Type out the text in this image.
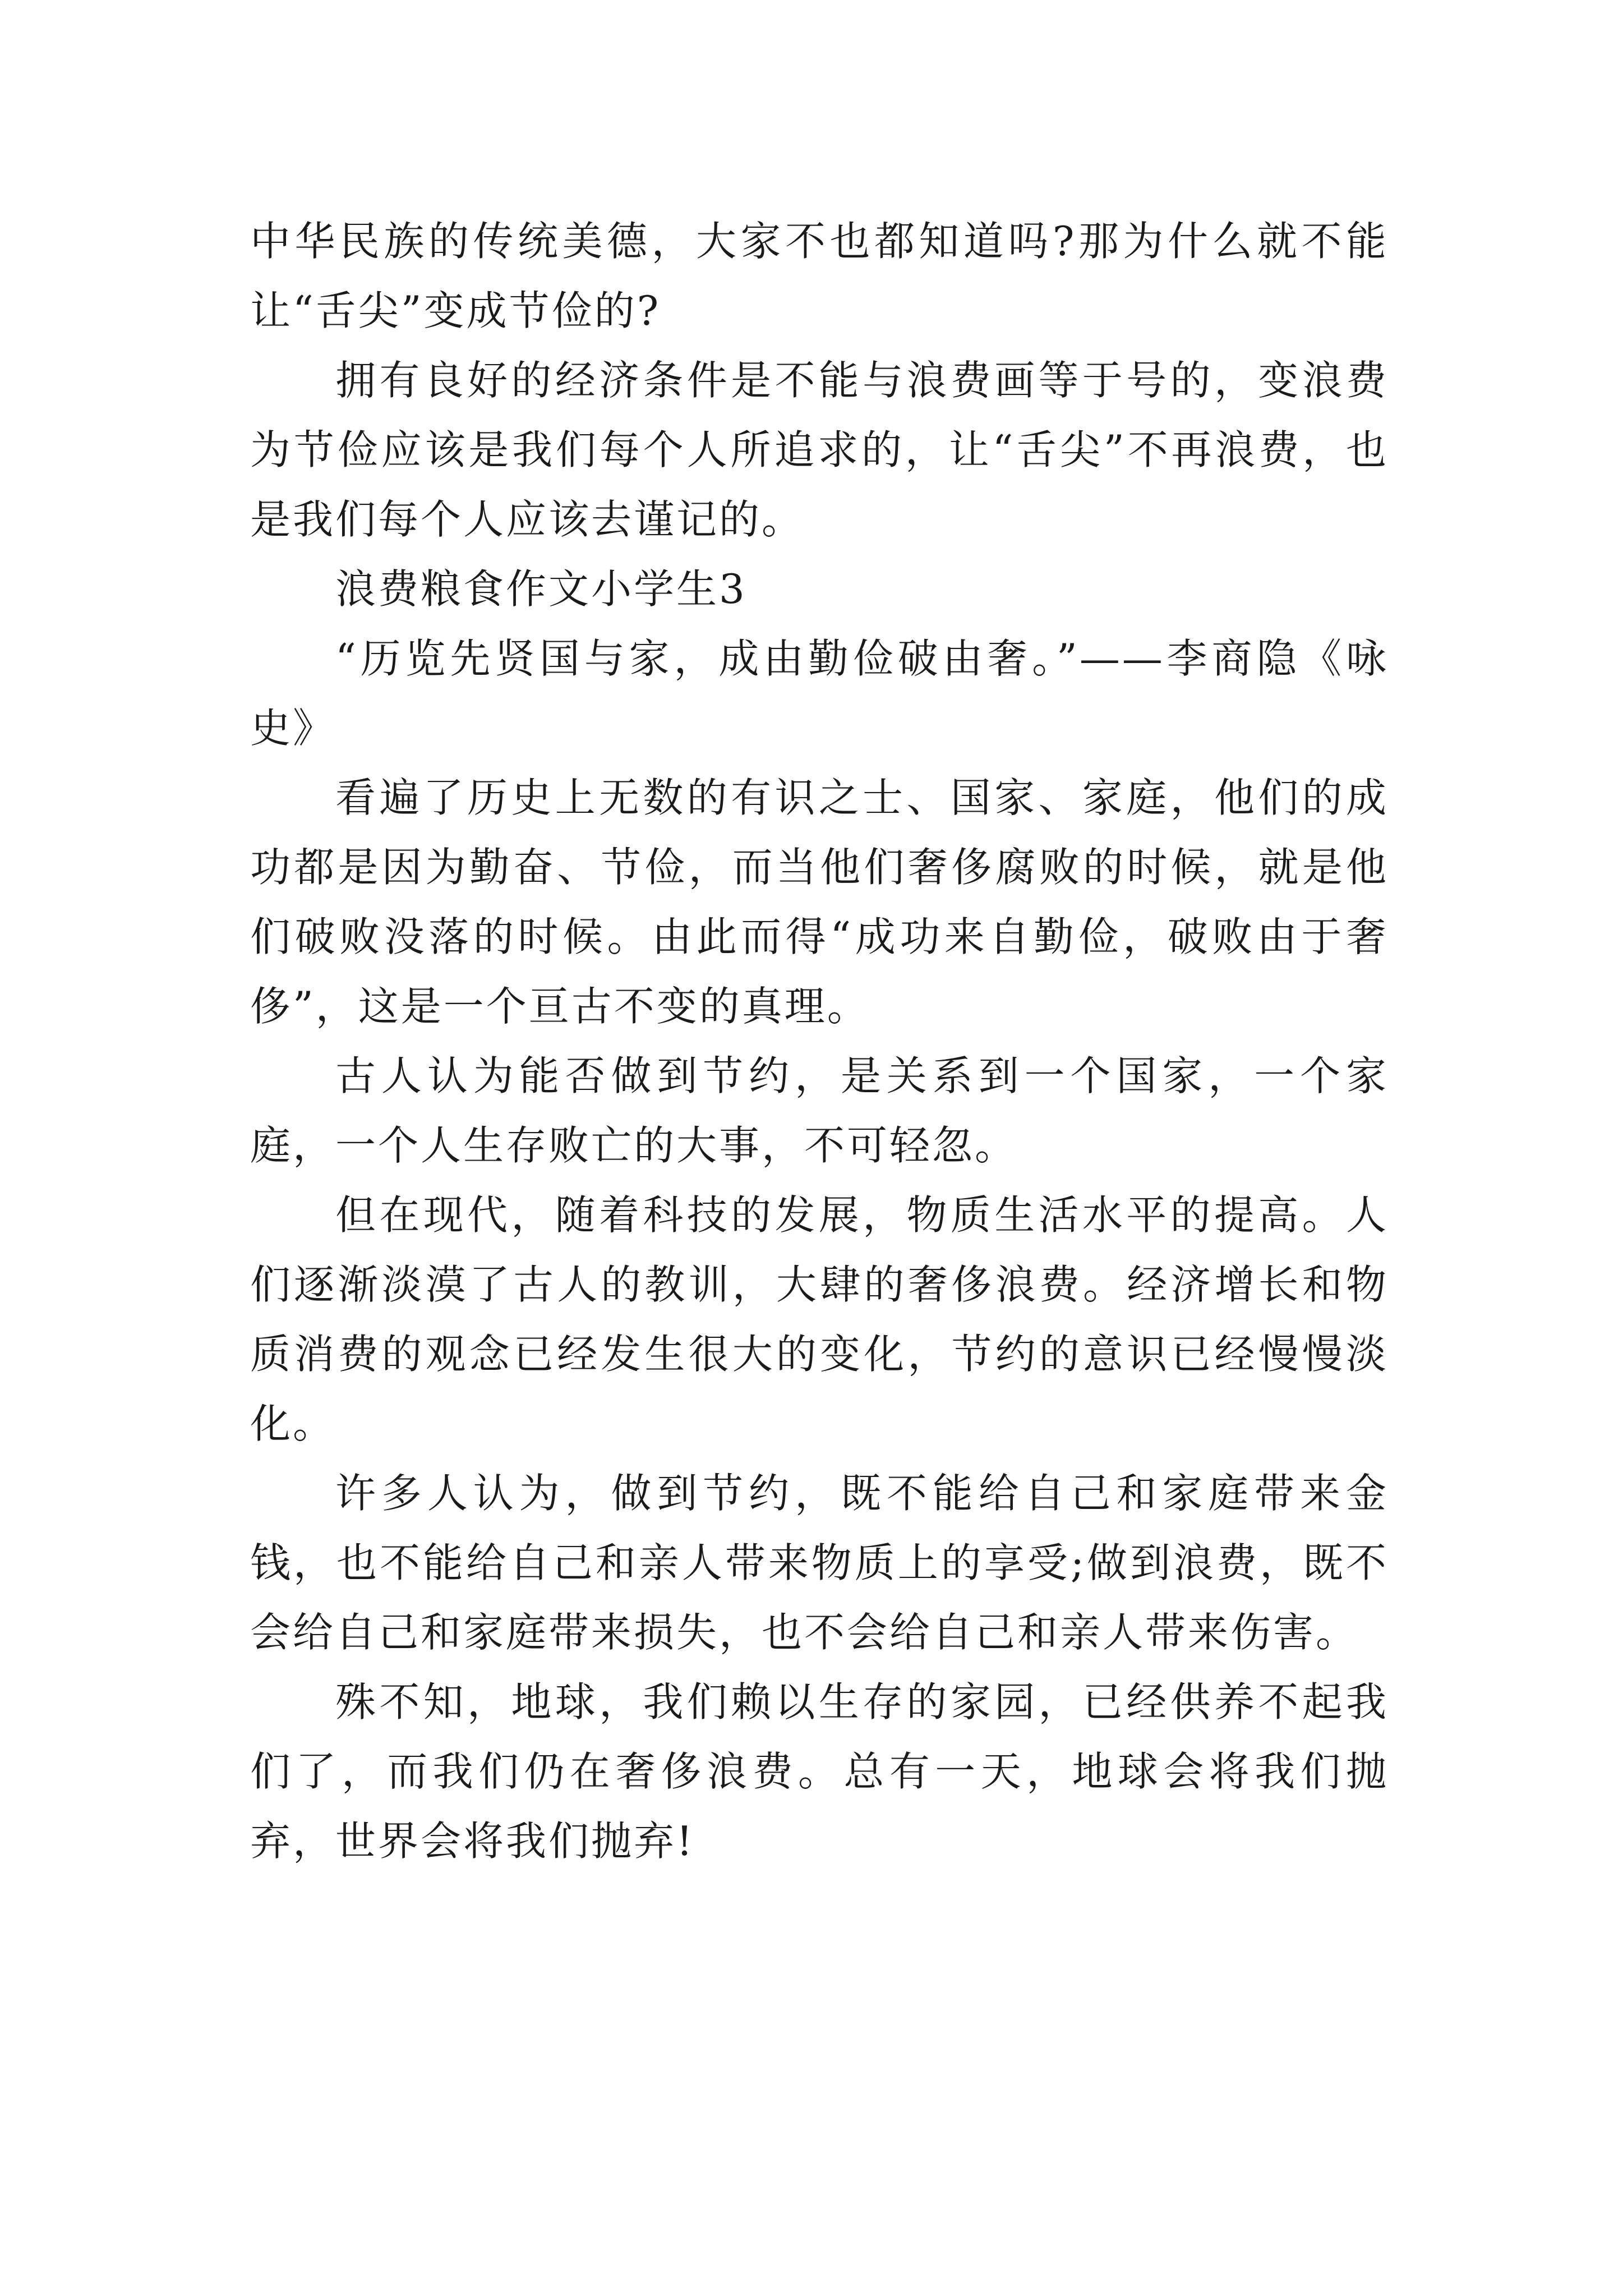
中华民族的传统美德，大家不也都知道吗?那为什么就不能让“舌尖”变成节俭的?

拥有良好的经济条件是不能与浪费画等于号的，变浪费为节俭应该是我们每个人所追求的，让“舌尖”不再浪费，也是我们每个人应该去谨记的。

浪费粮食作文小学生3

“历览先贤国与家，成由勤俭破由奢。”——李商隐《咏史》

看遍了历史上无数的有识之士、国家、家庭，他们的成功都是因为勤奋、节俭，而当他们奢侈腐败的时候，就是他们破败没落的时候。由此而得“成功来自勤俭，破败由于奢侈”，这是一个亘古不变的真理。

古人认为能否做到节约，是关系到一个国家，一个家庭，一个人生存败亡的大事，不可轻忽。

但在现代，随着科技的发展，物质生活水平的提高。人们逐渐淡漠了古人的教训，大肆的奢侈浪费。经济增长和物质消费的观念已经发生很大的变化，节约的意识已经慢慢淡化。

许多人认为，做到节约，既不能给自己和家庭带来金钱，也不能给自己和亲人带来物质上的享受;做到浪费，既不会给自己和家庭带来损失，也不会给自己和亲人带来伤害。

殊不知，地球，我们赖以生存的家园，已经供养不起我们了，而我们仍在奢侈浪费。总有一天，地球会将我们抛弃，世界会将我们抛弃!
